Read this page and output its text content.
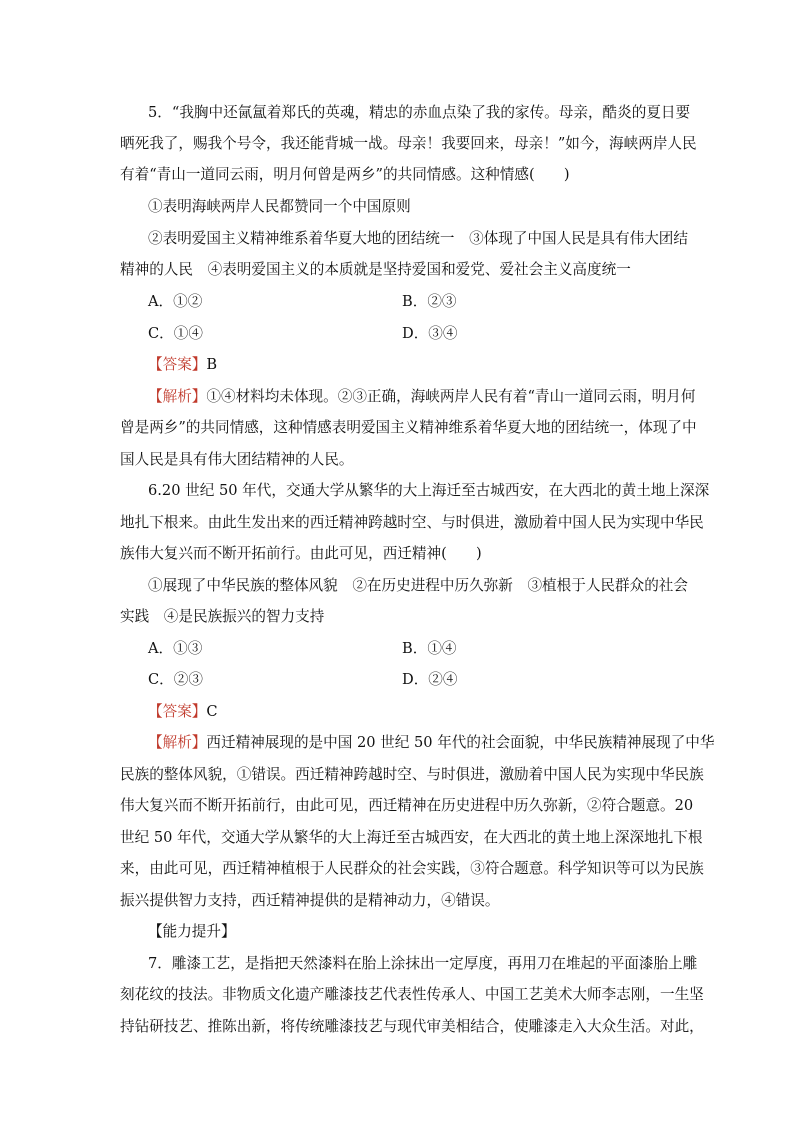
5．“我胸中还氤氲着郑氏的英魂，精忠的赤血点染了我的家传。母亲，酷炎的夏日要
晒死我了，赐我个号令，我还能背城一战。母亲！我要回来，母亲！”如今，海峡两岸人民
有着“青山一道同云雨，明月何曾是两乡”的共同情感。这种情感(　　)
①表明海峡两岸人民都赞同一个中国原则
②表明爱国主义精神维系着华夏大地的团结统一　③体现了中国人民是具有伟大团结
精神的人民　④表明爱国主义的本质就是坚持爱国和爱党、爱社会主义高度统一
A．①②	B．②③
C．①④	D．③④
【答案】B
【解析】①④材料均未体现。②③正确，海峡两岸人民有着“青山一道同云雨，明月何
曾是两乡”的共同情感，这种情感表明爱国主义精神维系着华夏大地的团结统一，体现了中
国人民是具有伟大团结精神的人民。
6.20 世纪 50 年代，交通大学从繁华的大上海迁至古城西安，在大西北的黄土地上深深
地扎下根来。由此生发出来的西迁精神跨越时空、与时俱进，激励着中国人民为实现中华民
族伟大复兴而不断开拓前行。由此可见，西迁精神(　　)
①展现了中华民族的整体风貌　②在历史进程中历久弥新　③植根于人民群众的社会
实践　④是民族振兴的智力支持
A．①③	B．①④
C．②③	D．②④
【答案】C
【解析】西迁精神展现的是中国 20 世纪 50 年代的社会面貌，中华民族精神展现了中华
民族的整体风貌，①错误。西迁精神跨越时空、与时俱进，激励着中国人民为实现中华民族
伟大复兴而不断开拓前行，由此可见，西迁精神在历史进程中历久弥新，②符合题意。20
世纪 50 年代，交通大学从繁华的大上海迁至古城西安，在大西北的黄土地上深深地扎下根
来，由此可见，西迁精神植根于人民群众的社会实践，③符合题意。科学知识等可以为民族
振兴提供智力支持，西迁精神提供的是精神动力，④错误。
【能力提升】
7．雕漆工艺，是指把天然漆料在胎上涂抹出一定厚度，再用刀在堆起的平面漆胎上雕
刻花纹的技法。非物质文化遗产雕漆技艺代表性传承人、中国工艺美术大师李志刚，一生坚
持钻研技艺、推陈出新，将传统雕漆技艺与现代审美相结合，使雕漆走入大众生活。对此，
